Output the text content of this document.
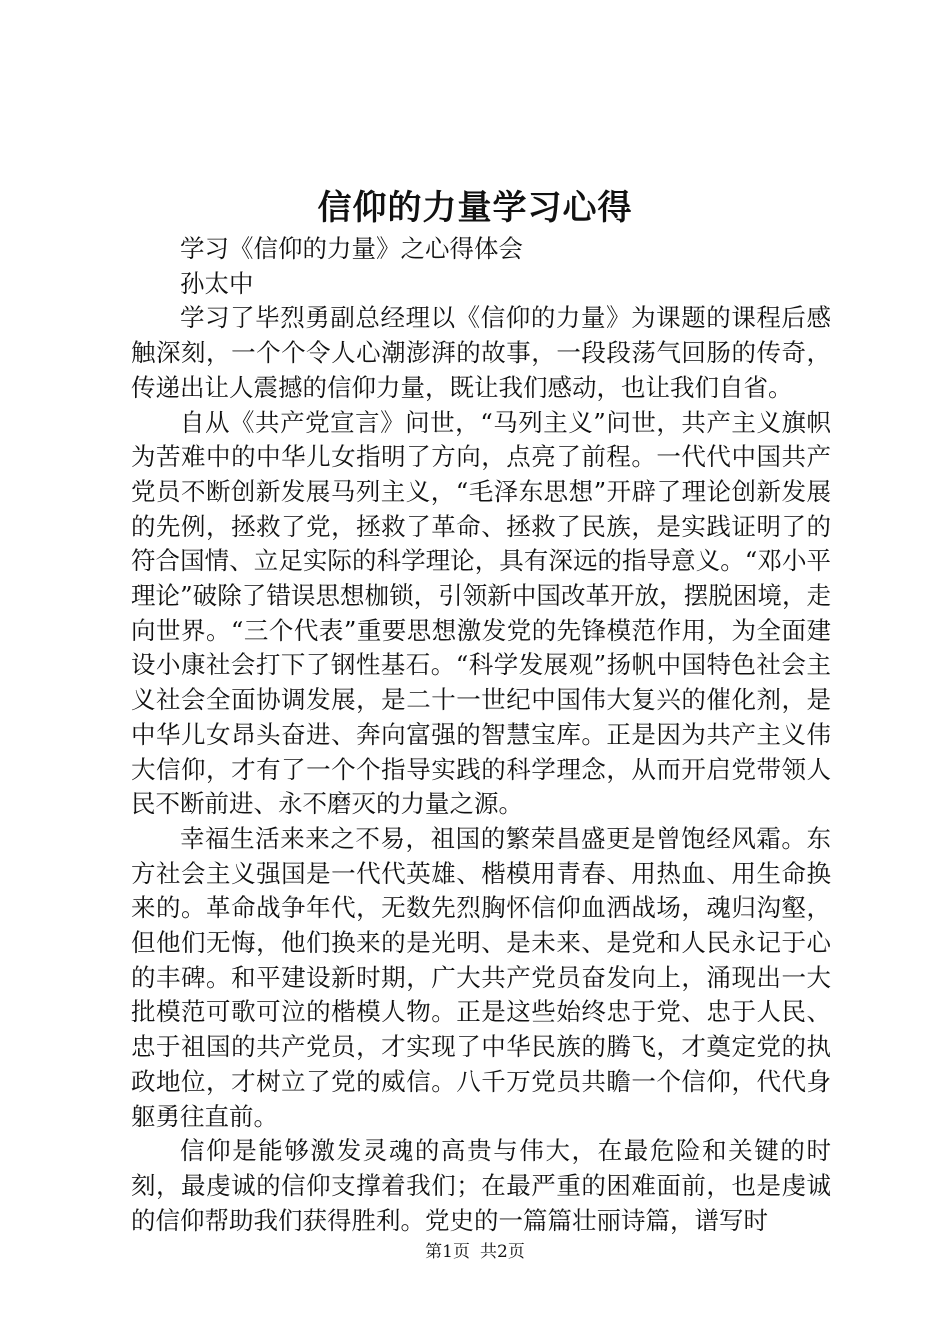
信仰的力量学习心得

学习《信仰的力量》之心得体会

孙太中

学习了毕烈勇副总经理以《信仰的力量》为课题的课程后感触深刻，一个个令人心潮澎湃的故事，一段段荡气回肠的传奇，传递出让人震撼的信仰力量，既让我们感动，也让我们自省。

自从《共产党宣言》问世，“马列主义”问世，共产主义旗帜为苦难中的中华儿女指明了方向，点亮了前程。一代代中国共产党员不断创新发展马列主义，“毛泽东思想”开辟了理论创新发展的先例，拯救了党，拯救了革命、拯救了民族，是实践证明了的符合国情、立足实际的科学理论，具有深远的指导意义。“邓小平理论”破除了错误思想枷锁，引领新中国改革开放，摆脱困境，走向世界。“三个代表”重要思想激发党的先锋模范作用，为全面建设小康社会打下了钢性基石。“科学发展观”扬帆中国特色社会主义社会全面协调发展，是二十一世纪中国伟大复兴的催化剂，是中华儿女昂头奋进、奔向富强的智慧宝库。正是因为共产主义伟大信仰，才有了一个个指导实践的科学理念，从而开启党带领人民不断前进、永不磨灭的力量之源。

幸福生活来来之不易，祖国的繁荣昌盛更是曾饱经风霜。东方社会主义强国是一代代英雄、楷模用青春、用热血、用生命换来的。革命战争年代，无数先烈胸怀信仰血洒战场，魂归沟壑，但他们无悔，他们换来的是光明、是未来、是党和人民永记于心的丰碑。和平建设新时期，广大共产党员奋发向上，涌现出一大批模范可歌可泣的楷模人物。正是这些始终忠于党、忠于人民、忠于祖国的共产党员，才实现了中华民族的腾飞，才奠定党的执政地位，才树立了党的威信。八千万党员共瞻一个信仰，代代身躯勇往直前。

信仰是能够激发灵魂的高贵与伟大，在最危险和关键的时刻，最虔诚的信仰支撑着我们；在最严重的困难面前，也是虔诚的信仰帮助我们获得胜利。党史的一篇篇壮丽诗篇，谱写时

第1页 共2页
